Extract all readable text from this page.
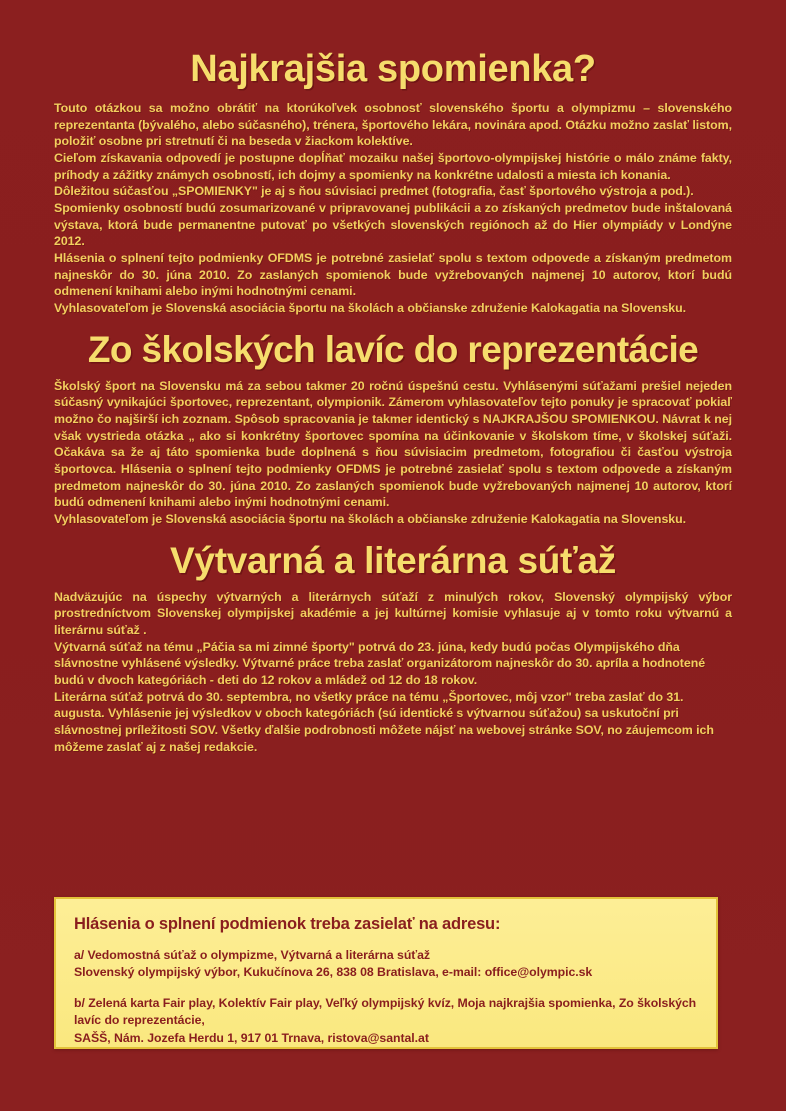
Najkrajšia spomienka?

Touto otázkou sa možno obrátiť na ktorúkoľvek osobnosť slovenského športu a olympizmu – slovenského reprezentanta (bývalého, alebo súčasného), trénera, športového lekára, novinára apod. Otázku možno zaslať listom, položiť osobne pri stretnutí či na beseda v žiackom kolektíve.

Cieľom získavania odpovedí je postupne dopĺňať mozaiku našej športovo-olympijskej histórie o málo známe fakty, príhody a zážitky známych osobností, ich dojmy a spomienky na konkrétne udalosti a miesta ich konania.

Dôležitou súčasťou „SPOMIENKY" je aj s ňou súvisiaci predmet (fotografia, časť športového výstroja a pod.).

Spomienky osobností budú zosumarizované v pripravovanej publikácii a zo získaných predmetov bude inštalovaná výstava, ktorá bude permanentne putovať po všetkých slovenských regiónoch až do Hier olympiády v Londýne 2012.

Hlásenia o splnení tejto podmienky OFDMS je potrebné zasielať spolu s textom odpovede a získaným predmetom najneskôr do 30. júna 2010. Zo zaslaných spomienok bude vyžrebovaných najmenej 10 autorov, ktorí budú odmenení knihami alebo inými hodnotnými cenami.

Vyhlasovateľom je Slovenská asociácia športu na školách a občianske združenie Kalokagatia na Slovensku.

Zo školských lavíc do reprezentácie

Školský šport na Slovensku má za sebou takmer 20 ročnú úspešnú cestu. Vyhlásenými súťažami prešiel nejeden súčasný vynikajúci športovec, reprezentant, olympionik. Zámerom vyhlasovateľov tejto ponuky je spracovať pokiaľ možno čo najširší ich zoznam. Spôsob spracovania je takmer identický s NAJKRAJŠOU SPOMIENKOU. Návrat k nej však vystrieda otázka „ ako si konkrétny športovec spomína na účinkovanie v školskom tíme, v školskej súťaži. Očakáva sa že aj táto spomienka bude doplnená s ňou súvisiacim predmetom, fotografiou či časťou výstroja športovca. Hlásenia o splnení tejto podmienky OFDMS je potrebné zasielať spolu s textom odpovede a získaným predmetom najneskôr do 30. júna 2010. Zo zaslaných spomienok bude vyžrebovaných najmenej 10 autorov, ktorí budú odmenení knihami alebo inými hodnotnými cenami.

Vyhlasovateľom je Slovenská asociácia športu na školách a občianske združenie Kalokagatia na Slovensku.

Výtvarná a literárna súťaž

Nadväzujúc na úspechy výtvarných a literárnych súťaží z minulých rokov, Slovenský olympijský výbor prostredníctvom Slovenskej olympijskej akadémie a jej kultúrnej komisie vyhlasuje aj v tomto roku výtvarnú a literárnu súťaž .

Výtvarná súťaž na tému „Páčia sa mi zimné športy" potrvá do 23. júna, kedy budú počas Olympijského dňa slávnostne vyhlásené výsledky. Výtvarné práce treba zaslať organizátorom najneskôr do 30. apríla a hodnotené budú v dvoch kategóriách - deti do 12 rokov a mládež od 12 do 18 rokov.

Literárna súťaž potrvá do 30. septembra, no všetky práce na tému „Športovec, môj vzor" treba zaslať do 31. augusta. Vyhlásenie jej výsledkov v oboch kategóriách (sú identické s výtvarnou súťažou) sa uskutoční pri slávnostnej príležitosti SOV. Všetky ďalšie podrobnosti môžete nájsť na webovej stránke SOV, no záujemcom ich môžeme zaslať aj z našej redakcie.

Hlásenia o splnení podmienok treba zasielať na adresu:

a/ Vedomostná súťaž o olympizme, Výtvarná a literárna súťaž

Slovenský olympijský výbor, Kukučínova 26, 838 08 Bratislava, e-mail: office@olympic.sk

b/ Zelená karta Fair play, Kolektív Fair play, Veľký olympijský kvíz, Moja najkrajšia spomienka, Zo školských lavíc do reprezentácie,

SAŠŠ, Nám. Jozefa Herdu 1, 917 01 Trnava, ristova@santal.at
